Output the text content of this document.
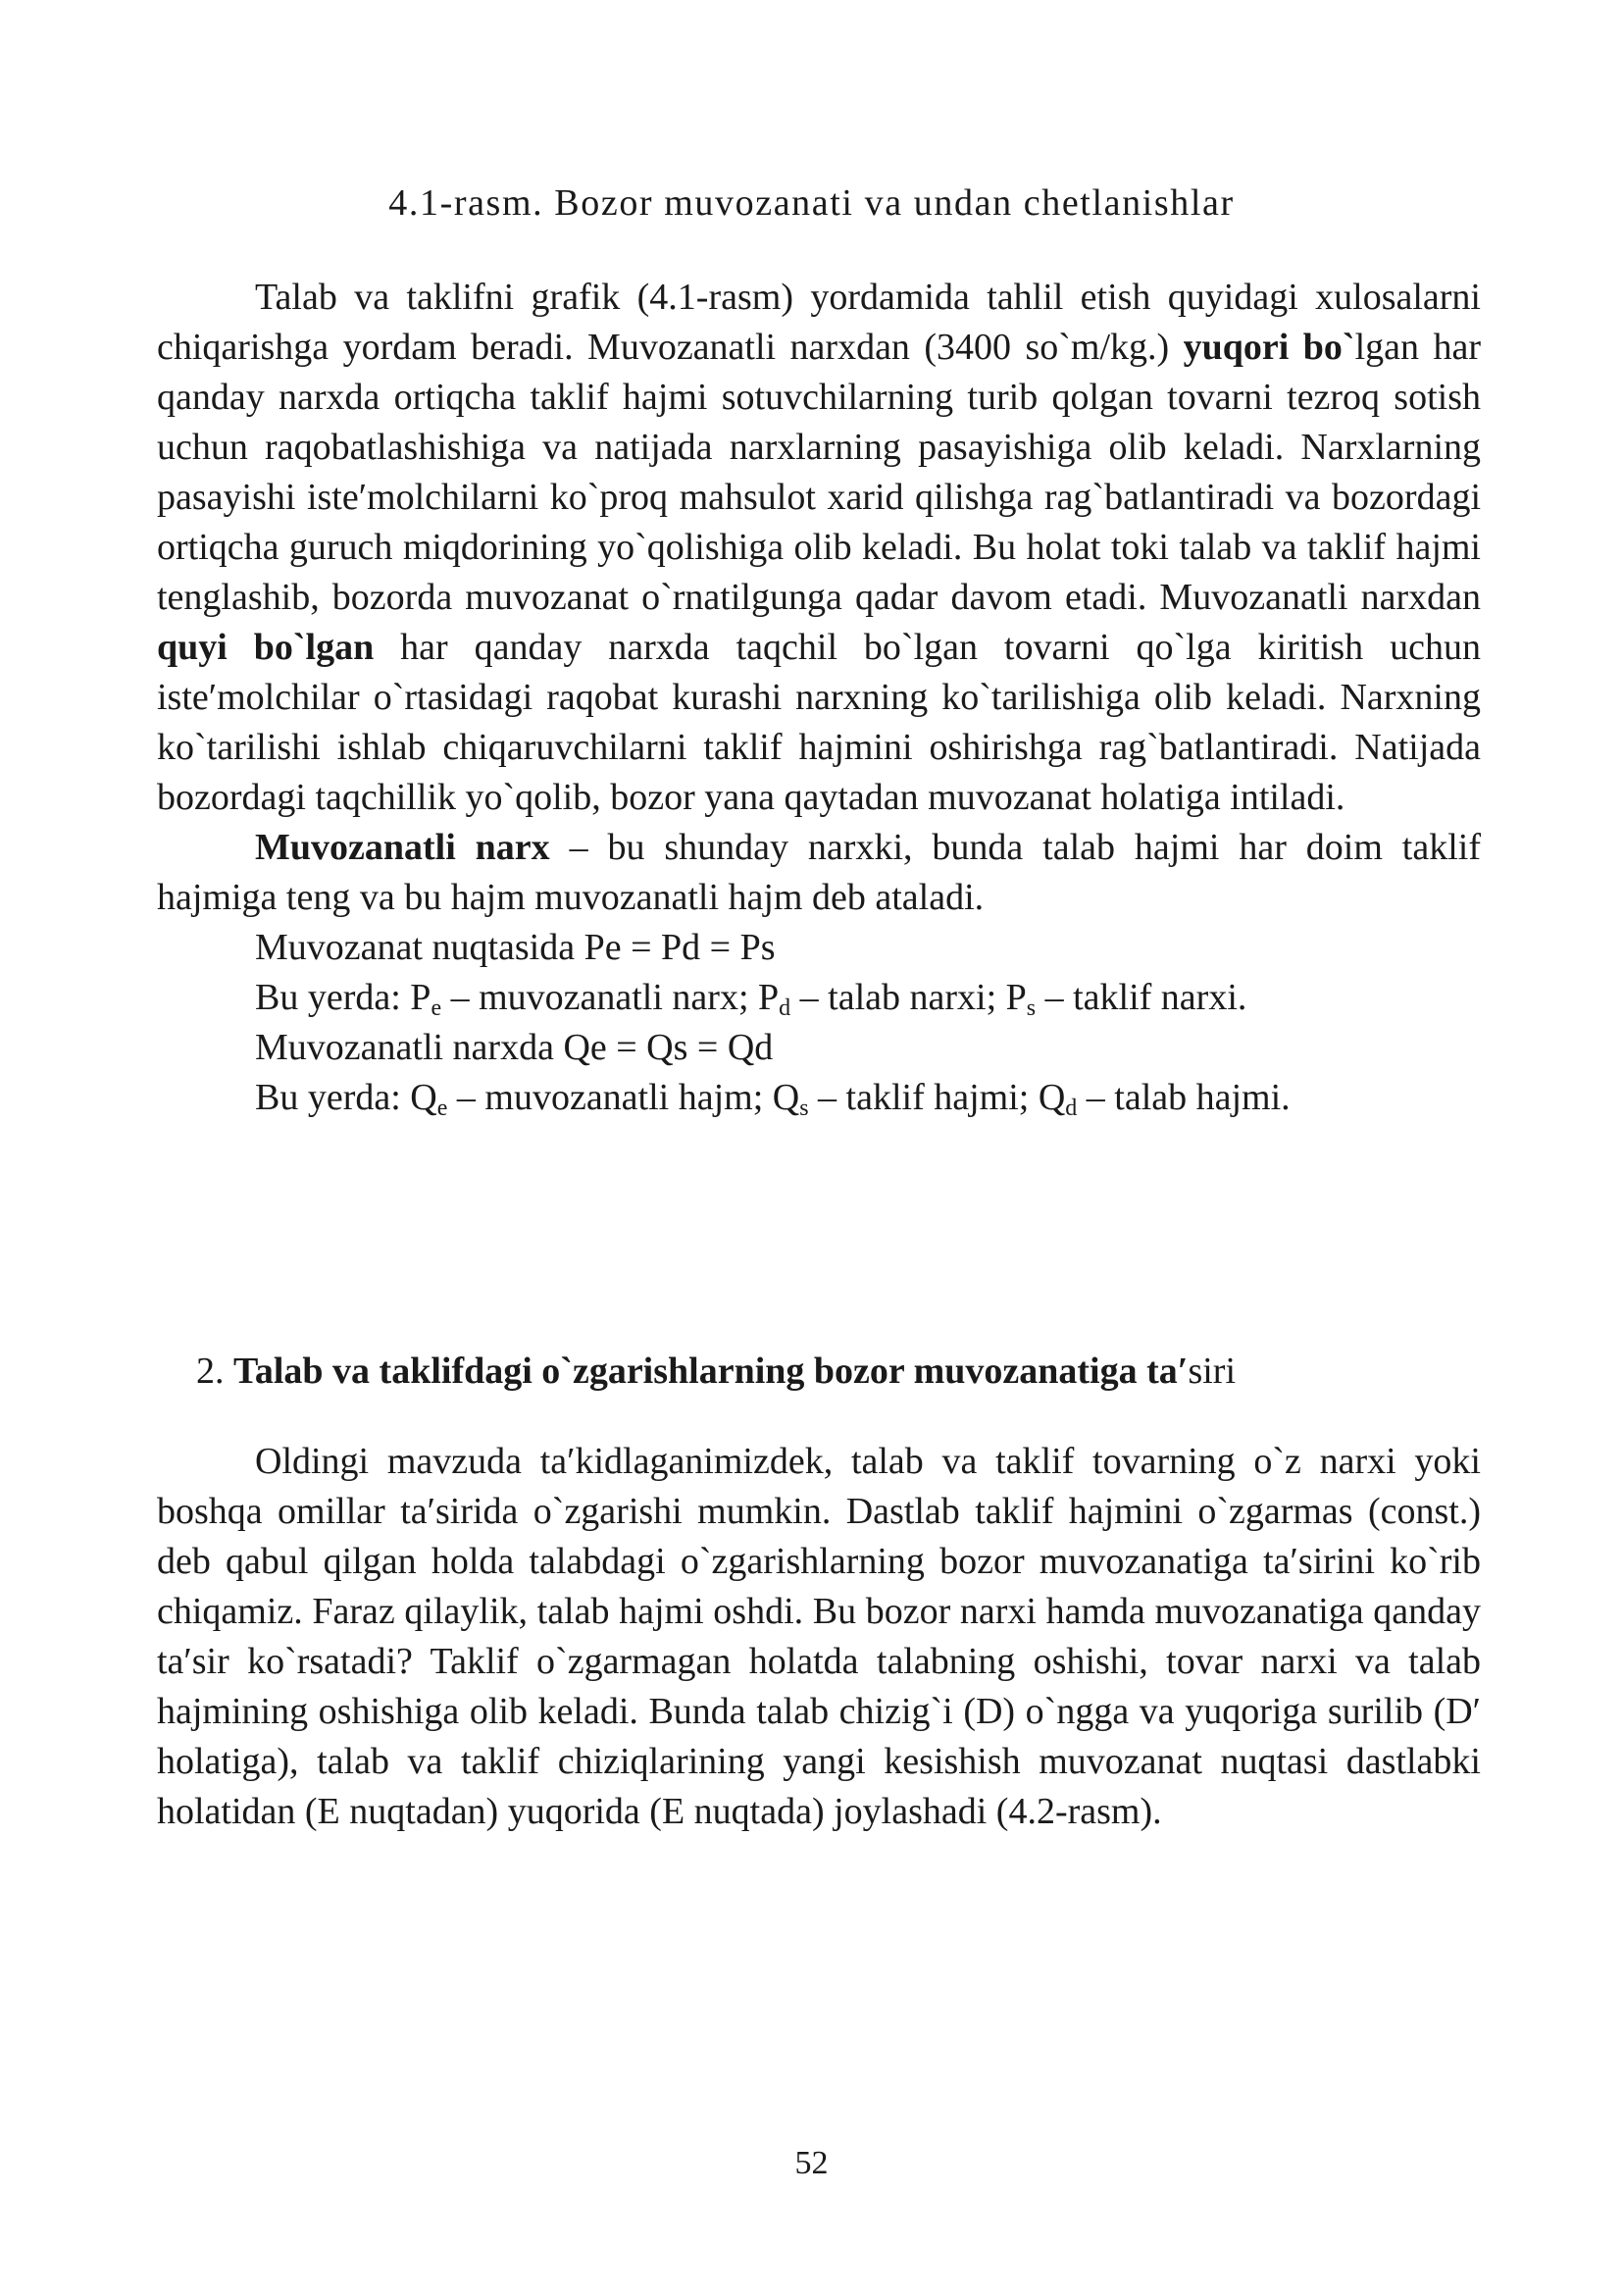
4.1-rasm. Bozor muvozanati va undan chetlanishlar

Talab va taklifni grafik (4.1-rasm) yordamida tahlil etish quyidagi xulosalarni chiqarishga yordam beradi. Muvozanatli narxdan (3400 so`m/kg.) yuqori bo`lgan har qanday narxda ortiqcha taklif hajmi sotuvchilarning turib qolgan tovarni tezroq sotish uchun raqobatlashishiga va natijada narxlarning pasayishiga olib keladi. Narxlarning pasayishi iste′molchilarni ko`proq mahsulot xarid qilishga rag`batlantiradi va bozordagi ortiqcha guruch miqdorining yo`qolishiga olib keladi. Bu holat toki talab va taklif hajmi tenglashib, bozorda muvozanat o`rnatilgunga qadar davom etadi. Muvozanatli narxdan quyi bo`lgan har qanday narxda taqchil bo`lgan tovarni qo`lga kiritish uchun iste′molchilar o`rtasidagi raqobat kurashi narxning ko`tarilishiga olib keladi. Narxning ko`tarilishi ishlab chiqaruvchilarni taklif hajmini oshirishga rag`batlantiradi. Natijada bozordagi taqchillik yo`qolib, bozor yana qaytadan muvozanat holatiga intiladi.

Muvozanatli narx – bu shunday narxki, bunda talab hajmi har doim taklif hajmiga teng va bu hajm muvozanatli hajm deb ataladi.

Muvozanat nuqtasida Pe = Pd = Ps

Bu yerda: $P_e$ – muvozanatli narx; $P_d$ – talab narxi; $P_s$ – taklif narxi.

Muvozanatli narxda Qe = Qs = Qd

Bu yerda: $Q_e$ – muvozanatli hajm; $Q_s$ – taklif hajmi; $Q_d$ – talab hajmi.

2. Talab va taklifdagi o`zgarishlarning bozor muvozanatiga ta′siri

Oldingi mavzuda ta′kidlaganimizdek, talab va taklif tovarning o`z narxi yoki boshqa omillar ta′sirida o`zgarishi mumkin. Dastlab taklif hajmini o`zgarmas (const.) deb qabul qilgan holda talabdagi o`zgarishlarning bozor muvozanatiga ta′sirini ko`rib chiqamiz. Faraz qilaylik, talab hajmi oshdi. Bu bozor narxi hamda muvozanatiga qanday ta′sir ko`rsatadi? Taklif o`zgarmagan holatda talabning oshishi, tovar narxi va talab hajmining oshishiga olib keladi. Bunda talab chizig`i (D) o`ngga va yuqoriga surilib (D′ holatiga), talab va taklif chiziqlarining yangi kesishish muvozanat nuqtasi dastlabki holatidan (E nuqtadan) yuqorida (E nuqtada) joylashadi (4.2-rasm).

52
